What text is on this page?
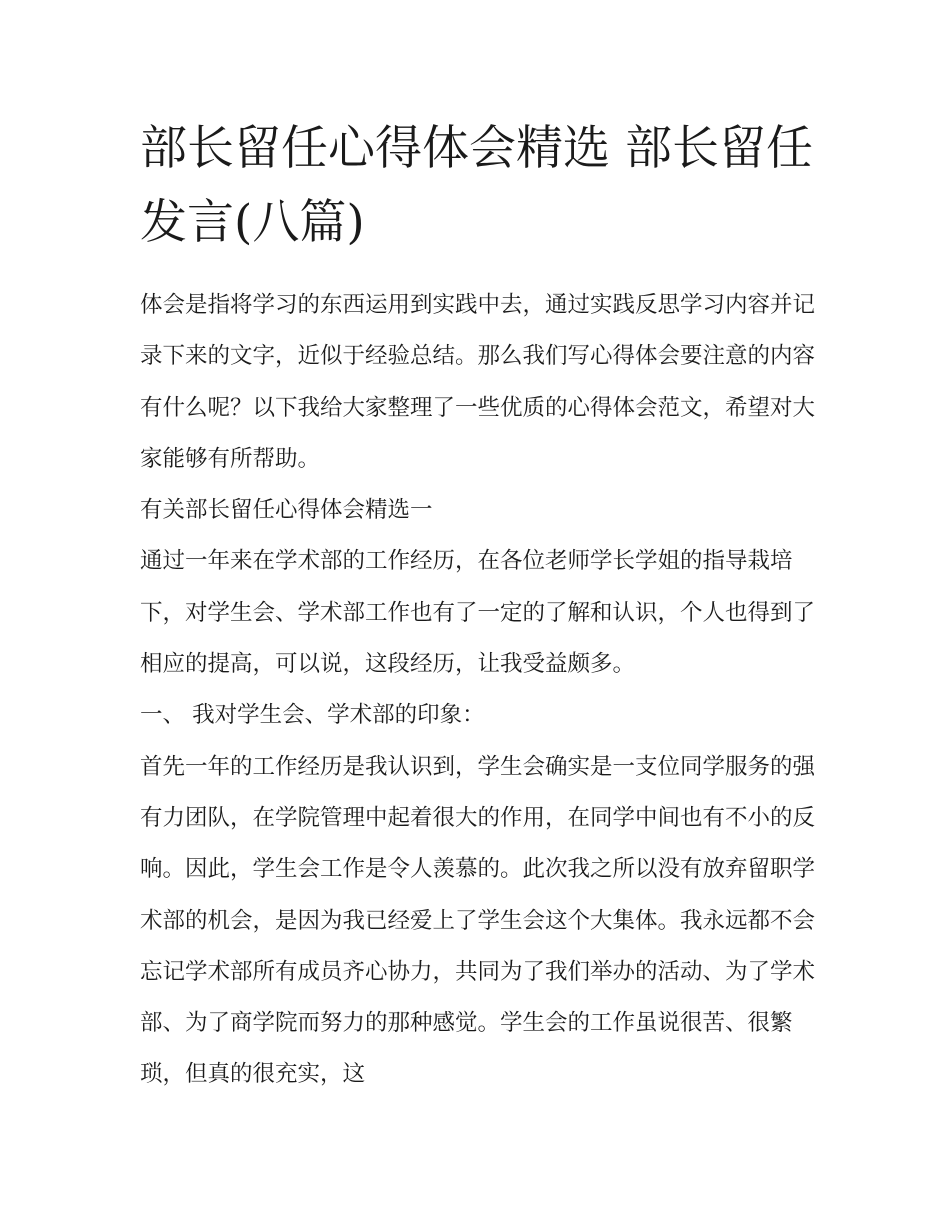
部长留任心得体会精选 部长留任发言(八篇)

体会是指将学习的东西运用到实践中去，通过实践反思学习内容并记录下来的文字，近似于经验总结。那么我们写心得体会要注意的内容有什么呢？以下我给大家整理了一些优质的心得体会范文，希望对大家能够有所帮助。

有关部长留任心得体会精选一

通过一年来在学术部的工作经历，在各位老师学长学姐的指导栽培下，对学生会、学术部工作也有了一定的了解和认识，个人也得到了相应的提高，可以说，这段经历，让我受益颇多。

一、 我对学生会、学术部的印象：

首先一年的工作经历是我认识到，学生会确实是一支位同学服务的强有力团队，在学院管理中起着很大的作用，在同学中间也有不小的反响。因此，学生会工作是令人羡慕的。此次我之所以没有放弃留职学术部的机会，是因为我已经爱上了学生会这个大集体。我永远都不会忘记学术部所有成员齐心协力，共同为了我们举办的活动、为了学术部、为了商学院而努力的那种感觉。学生会的工作虽说很苦、很繁琐，但真的很充实，这
